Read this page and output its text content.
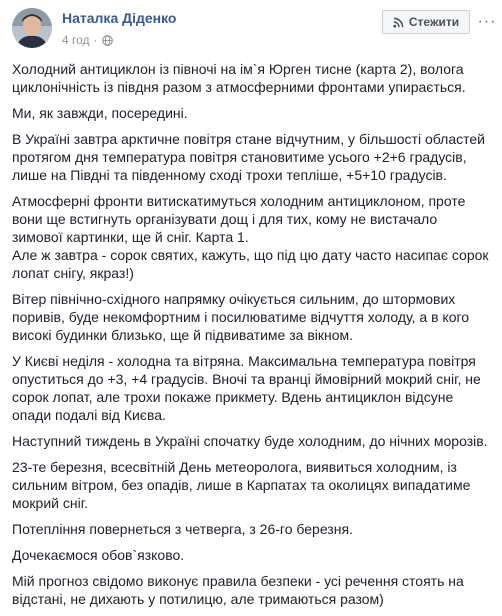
Наталка Діденко
4 год ·
Стежити ···

Холодний антициклон із півночі на ім`я Юрген тисне (карта 2), волога циклонічність із півдня разом з атмосферними фронтами упирається.

Ми, як завжди, посередині.

В Україні завтра арктичне повітря стане відчутним, у більшості областей протягом дня температура повітря становитиме усього +2+6 градусів, лише на Півдні та південному сході трохи тепліше, +5+10 градусів.

Атмосферні фронти витискатимуться холодним антициклоном, проте вони ще встигнуть організувати дощ і для тих, кому не вистачало зимової картинки, ще й сніг. Карта 1.

Але ж завтра - сорок святих, кажуть, що під цю дату часто насипає сорок лопат снігу, якраз!)

Вітер північно-східного напрямку очікується сильним, до штормових поривів, буде некомфортним і посилюватиме відчуття холоду, а в кого високі будинки близько, ще й підвиватиме за вікном.

У Києві неділя - холодна та вітряна. Максимальна температура повітря опуститься до +3, +4 градусів. Вночі та вранці ймовірний мокрий сніг, не сорок лопат, але трохи покаже прикмету. Вдень антициклон відсуне опади подалі від Києва.

Наступний тиждень в Україні спочатку буде холодним, до нічних морозів.

23-те березня, всесвітній День метеоролога, виявиться холодним, із сильним вітром, без опадів, лише в Карпатах та околицях випадатиме мокрий сніг.

Потепління повернеться з четверга, з 26-го березня.

Дочекаємося обов`язково.

Мій прогноз свідомо виконує правила безпеки - усі речення стоять на відстані, не дихають у потилицю, але тримаються разом)
